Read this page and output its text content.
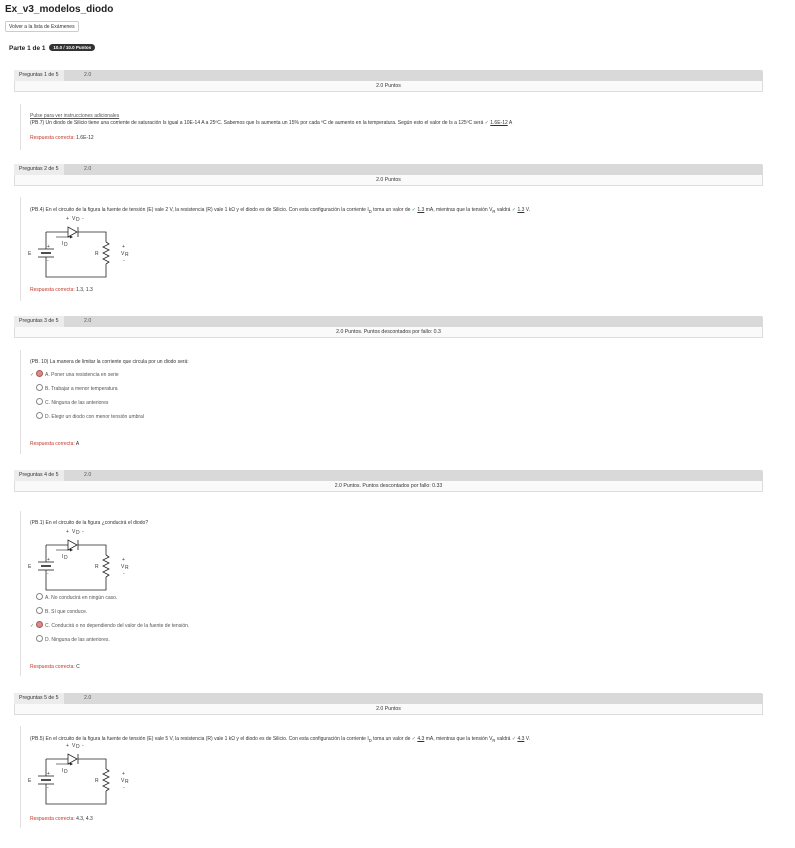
Ex_v3_modelos_diodo
Volver a la lista de Exámenes
Parte 1 de 1 10.0 / 10.0 Puntos
Preguntas 1 de 5	2.0
2.0 Puntos
Pulse para ver instrucciones adicionales
(PB.7) Un diodo de Silicio tiene una corriente de saturación Is igual a 10E-14 A a 25ºC. Sabemos que Is aumenta un 15% por cada ºC de aumento en la temperatura. Según esto el valor de Is a 125ºC será ✓ 1.6E-12 A
Respuesta correcta: 1.6E-12
Preguntas 2 de 5	2.0
2.0 Puntos
(PB.4) En el circuito de la figura la fuente de tensión (E) vale 2 V, la resistencia (R) vale 1 kΩ y el diodo es de Silicio. Con esta configuración la corriente $I_D$ toma un valor de ✓ 1.3 mA, mientras que la tensión $V_R$ valdrá ✓ 1.3 V.
Respuesta correcta: 1.3, 1.3
+ V D -
I D
E
+
-
R
+
V R
-
Preguntas 3 de 5	2.0
2.0 Puntos. Puntos descontados por fallo: 0.3
(PB. 10) La manera de limitar la corriente que circula por un diodo será:
✓ A. Poner una resistencia en serie
B. Trabajar a menor temperatura
C. Ninguna de las anteriores
D. Elegir un diodo con menor tensión umbral
Respuesta correcta: A
Preguntas 4 de 5	2.0
2.0 Puntos. Puntos descontados por fallo: 0.33
(PB.1) En el circuito de la figura ¿conducirá el diodo?
A. No conducirá en ningún caso.
B. Sí que conduce.
✓ C. Conducirá o no dependiendo del valor de la fuente de tensión.
D. Ninguna de las anteriores.
Respuesta correcta: C
+ V D -
I D
E
+
-
R
+
V R
-
Preguntas 5 de 5	2.0
2.0 Puntos
(PB.5) En el circuito de la figura la fuente de tensión (E) vale 5 V, la resistencia (R) vale 1 kΩ y el diodo es de Silicio. Con esta configuración la corriente $I_D$ toma un valor de ✓ 4.3 mA, mientras que la tensión $V_R$ valdrá ✓ 4.3 V.
Respuesta correcta: 4.3, 4.3
+ V D -
I D
E
+
-
R
+
V R
-
